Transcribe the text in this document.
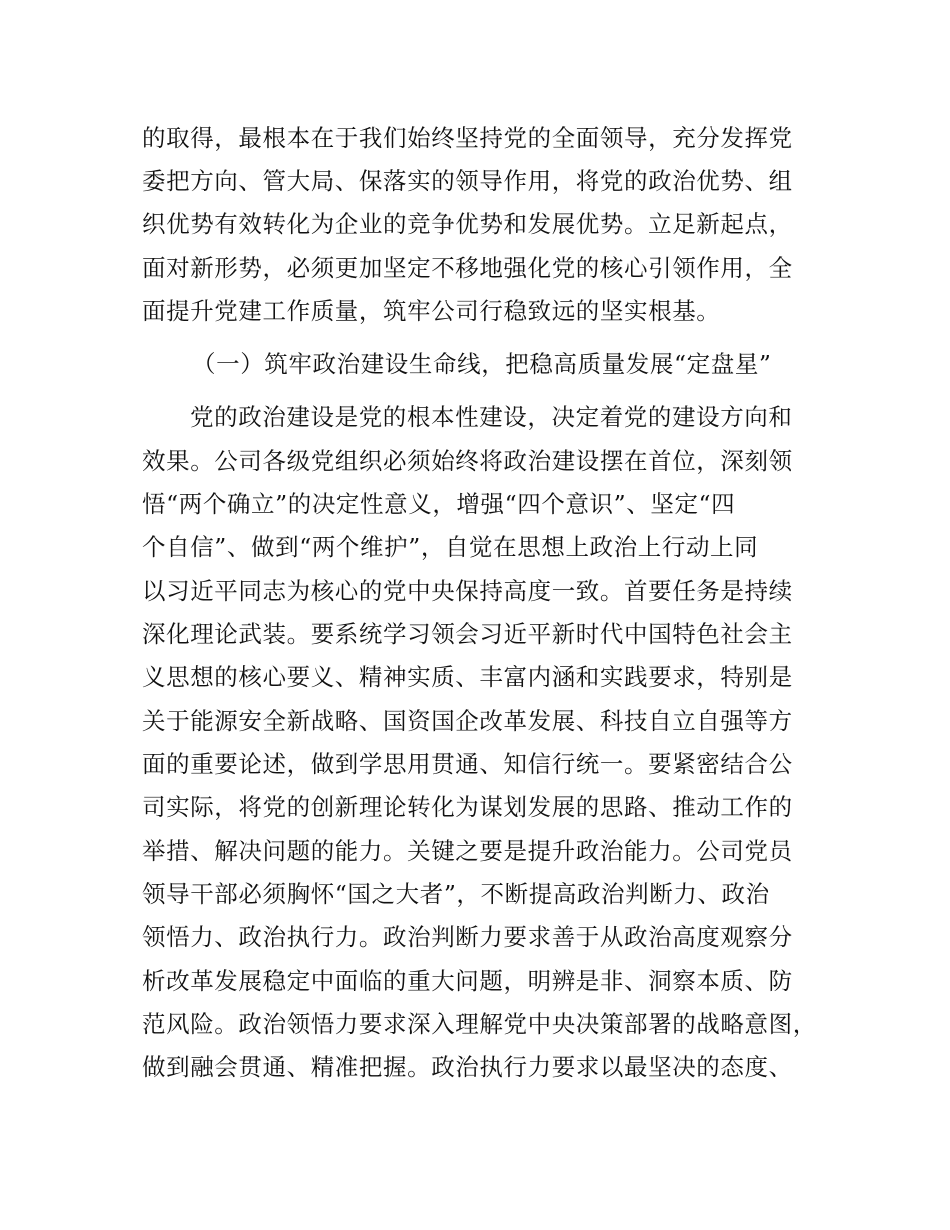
的取得，最根本在于我们始终坚持党的全面领导，充分发挥党
委把方向、管大局、保落实的领导作用，将党的政治优势、组
织优势有效转化为企业的竞争优势和发展优势。立足新起点，
面对新形势，必须更加坚定不移地强化党的核心引领作用，全
面提升党建工作质量，筑牢公司行稳致远的坚实根基。
（一）筑牢政治建设生命线，把稳高质量发展“定盘星”
党的政治建设是党的根本性建设，决定着党的建设方向和
效果。公司各级党组织必须始终将政治建设摆在首位，深刻领
悟“两个确立”的决定性意义，增强“四个意识”、坚定“四
个自信”、做到“两个维护”，自觉在思想上政治上行动上同
以习近平同志为核心的党中央保持高度一致。首要任务是持续
深化理论武装。要系统学习领会习近平新时代中国特色社会主
义思想的核心要义、精神实质、丰富内涵和实践要求，特别是
关于能源安全新战略、国资国企改革发展、科技自立自强等方
面的重要论述，做到学思用贯通、知信行统一。要紧密结合公
司实际，将党的创新理论转化为谋划发展的思路、推动工作的
举措、解决问题的能力。关键之要是提升政治能力。公司党员
领导干部必须胸怀“国之大者”，不断提高政治判断力、政治
领悟力、政治执行力。政治判断力要求善于从政治高度观察分
析改革发展稳定中面临的重大问题，明辨是非、洞察本质、防
范风险。政治领悟力要求深入理解党中央决策部署的战略意图，
做到融会贯通、精准把握。政治执行力要求以最坚决的态度、
